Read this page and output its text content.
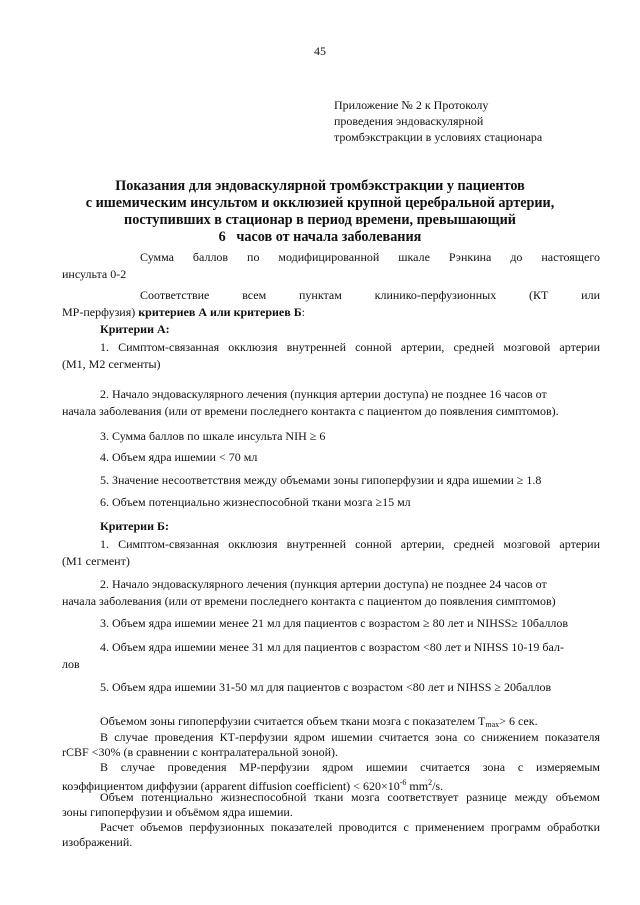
45
Приложение № 2 к Протоколу
проведения эндоваскулярной
тромбэкстракции в условиях стационара
Показания для эндоваскулярной тромбэкстракции у пациентов
с ишемическим инсультом и окклюзией крупной церебральной артерии,
поступивших в стационар в период времени, превышающий
6   часов от начала заболевания
Сумма баллов по модифицированной шкале Рэнкина до настоящего
инсульта 0-2
Соответствие всем пунктам клинико-перфузионных (КТ или
МР-перфузия) критериев А или критериев Б:
Критерии А:
1. Симптом-связанная окклюзия внутренней сонной артерии, средней мозговой артерии
(М1, М2 сегменты)
2. Начало эндоваскулярного лечения (пункция артерии доступа) не позднее 16 часов от
начала заболевания (или от времени последнего контакта с пациентом до появления симптомов).
3. Сумма баллов по шкале инсульта NIH ≥ 6
4. Объем ядра ишемии < 70 мл
5. Значение несоответствия между объемами зоны гипоперфузии и ядра ишемии ≥ 1.8
6. Объем потенциально жизнеспособной ткани мозга ≥15 мл
Критерии Б:
1. Симптом-связанная окклюзия внутренней сонной артерии, средней мозговой артерии
(М1 сегмент)
2. Начало эндоваскулярного лечения (пункция артерии доступа) не позднее 24 часов от
начала заболевания (или от времени последнего контакта с пациентом до появления симптомов)
3. Объем ядра ишемии менее 21 мл для пациентов с возрастом ≥ 80 лет и NIHSS≥ 10баллов
4. Объем ядра ишемии менее 31 мл для пациентов с возрастом <80 лет и NIHSS 10-19 бал-
лов
5. Объем ядра ишемии 31-50 мл для пациентов с возрастом <80 лет и NIHSS ≥ 20баллов
Объемом зоны гипоперфузии считается объем ткани мозга с показателем $T_{max}> 6$ сек.
В случае проведения КТ-перфузии ядром ишемии считается зона со снижением показателя
rCBF <30% (в сравнении с контралатеральной зоной).
В случае проведения МР-перфузии ядром ишемии считается зона с измеряемым
коэффициентом диффузии (apparent diffusion coefficient) < $620\times 10^{-6}$ $mm^2/s$.
Объем потенциально жизнеспособной ткани мозга соответствует разнице между объемом
зоны гипоперфузии и объёмом ядра ишемии.
Расчет объемов перфузионных показателей проводится с применением программ обработки
изображений.
